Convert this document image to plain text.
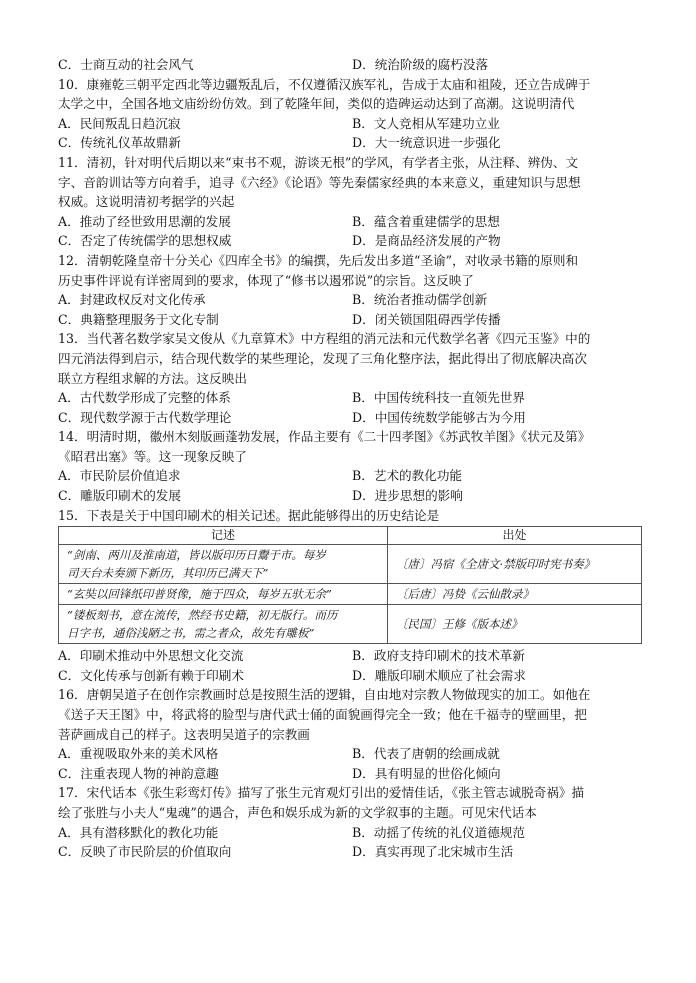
C．士商互动的社会风气	D．统治阶级的腐朽没落
10．康雍乾三朝平定西北等边疆叛乱后，不仅遵循汉族军礼，告成于太庙和祖陵，还立告成碑于
太学之中，全国各地文庙纷纷仿效。到了乾隆年间，类似的造碑运动达到了高潮。这说明清代
A．民间叛乱日趋沉寂	B．文人竞相从军建功立业
C．传统礼仪革故鼎新	D．大一统意识进一步强化
11．清初，针对明代后期以来“束书不观，游谈无根”的学风，有学者主张，从注释、辨伪、文
字、音韵训诂等方向着手，追寻《六经》《论语》等先秦儒家经典的本来意义，重建知识与思想
权威。这说明清初考据学的兴起
A．推动了经世致用思潮的发展	B．蕴含着重建儒学的思想
C．否定了传统儒学的思想权威	D．是商品经济发展的产物
12．清朝乾隆皇帝十分关心《四库全书》的编撰，先后发出多道“圣谕”，对收录书籍的原则和
历史事件评说有详密周到的要求，体现了“修书以遏邪说”的宗旨。这反映了
A．封建政权反对文化传承	B．统治者推动儒学创新
C．典籍整理服务于文化专制	D．闭关锁国阻碍西学传播
13．当代著名数学家吴文俊从《九章算术》中方程组的消元法和元代数学名著《四元玉鉴》中的
四元消法得到启示，结合现代数学的某些理论，发现了三角化整序法，据此得出了彻底解决高次
联立方程组求解的方法。这反映出
A．古代数学形成了完整的体系	B．中国传统科技一直领先世界
C．现代数学源于古代数学理论	D．中国传统数学能够古为今用
14．明清时期，徽州木刻版画蓬勃发展，作品主要有《二十四孝图》《苏武牧羊图》《状元及第》
《昭君出塞》等。这一现象反映了
A．市民阶层价值追求	B．艺术的教化功能
C．雕版印刷术的发展	D．进步思想的影响
15．下表是关于中国印刷术的相关记述。据此能够得出的历史结论是
记述	出处

“剑南、两川及淮南道，皆以版印历日鬻于市。每岁
司天台未奏颁下新历，其印历已满天下”	〔唐〕冯宿《全唐文·禁版印时宪书奏》

“玄奘以回锋纸印普贤像，施于四众，每岁五驮无余”	〔后唐〕冯贽《云仙散录》

“镂板刻书，意在流传，然经书史籍，初无版行。而历
日字书，通俗浅陋之书，需之者众，故先有雕板”	〔民国〕王修《版本述》
A．印刷术推动中外思想文化交流	B．政府支持印刷术的技术革新
C．文化传承与创新有赖于印刷术	D．雕版印刷术顺应了社会需求
16．唐朝吴道子在创作宗教画时总是按照生活的逻辑，自由地对宗教人物做现实的加工。如他在
《送子天王图》中，将武将的脸型与唐代武士俑的面貌画得完全一致；他在千福寺的壁画里，把
菩萨画成自己的样子。这表明吴道子的宗教画
A．重视吸取外来的美术风格	B．代表了唐朝的绘画成就
C．注重表现人物的神韵意趣	D．具有明显的世俗化倾向
17．宋代话本《张生彩鸾灯传》描写了张生元宵观灯引出的爱情佳话，《张主管志诚脱奇祸》描
绘了张胜与小夫人“鬼魂”的遇合，声色和娱乐成为新的文学叙事的主题。可见宋代话本
A．具有潜移默化的教化功能	B．动摇了传统的礼仪道德规范
C．反映了市民阶层的价值取向	D．真实再现了北宋城市生活
